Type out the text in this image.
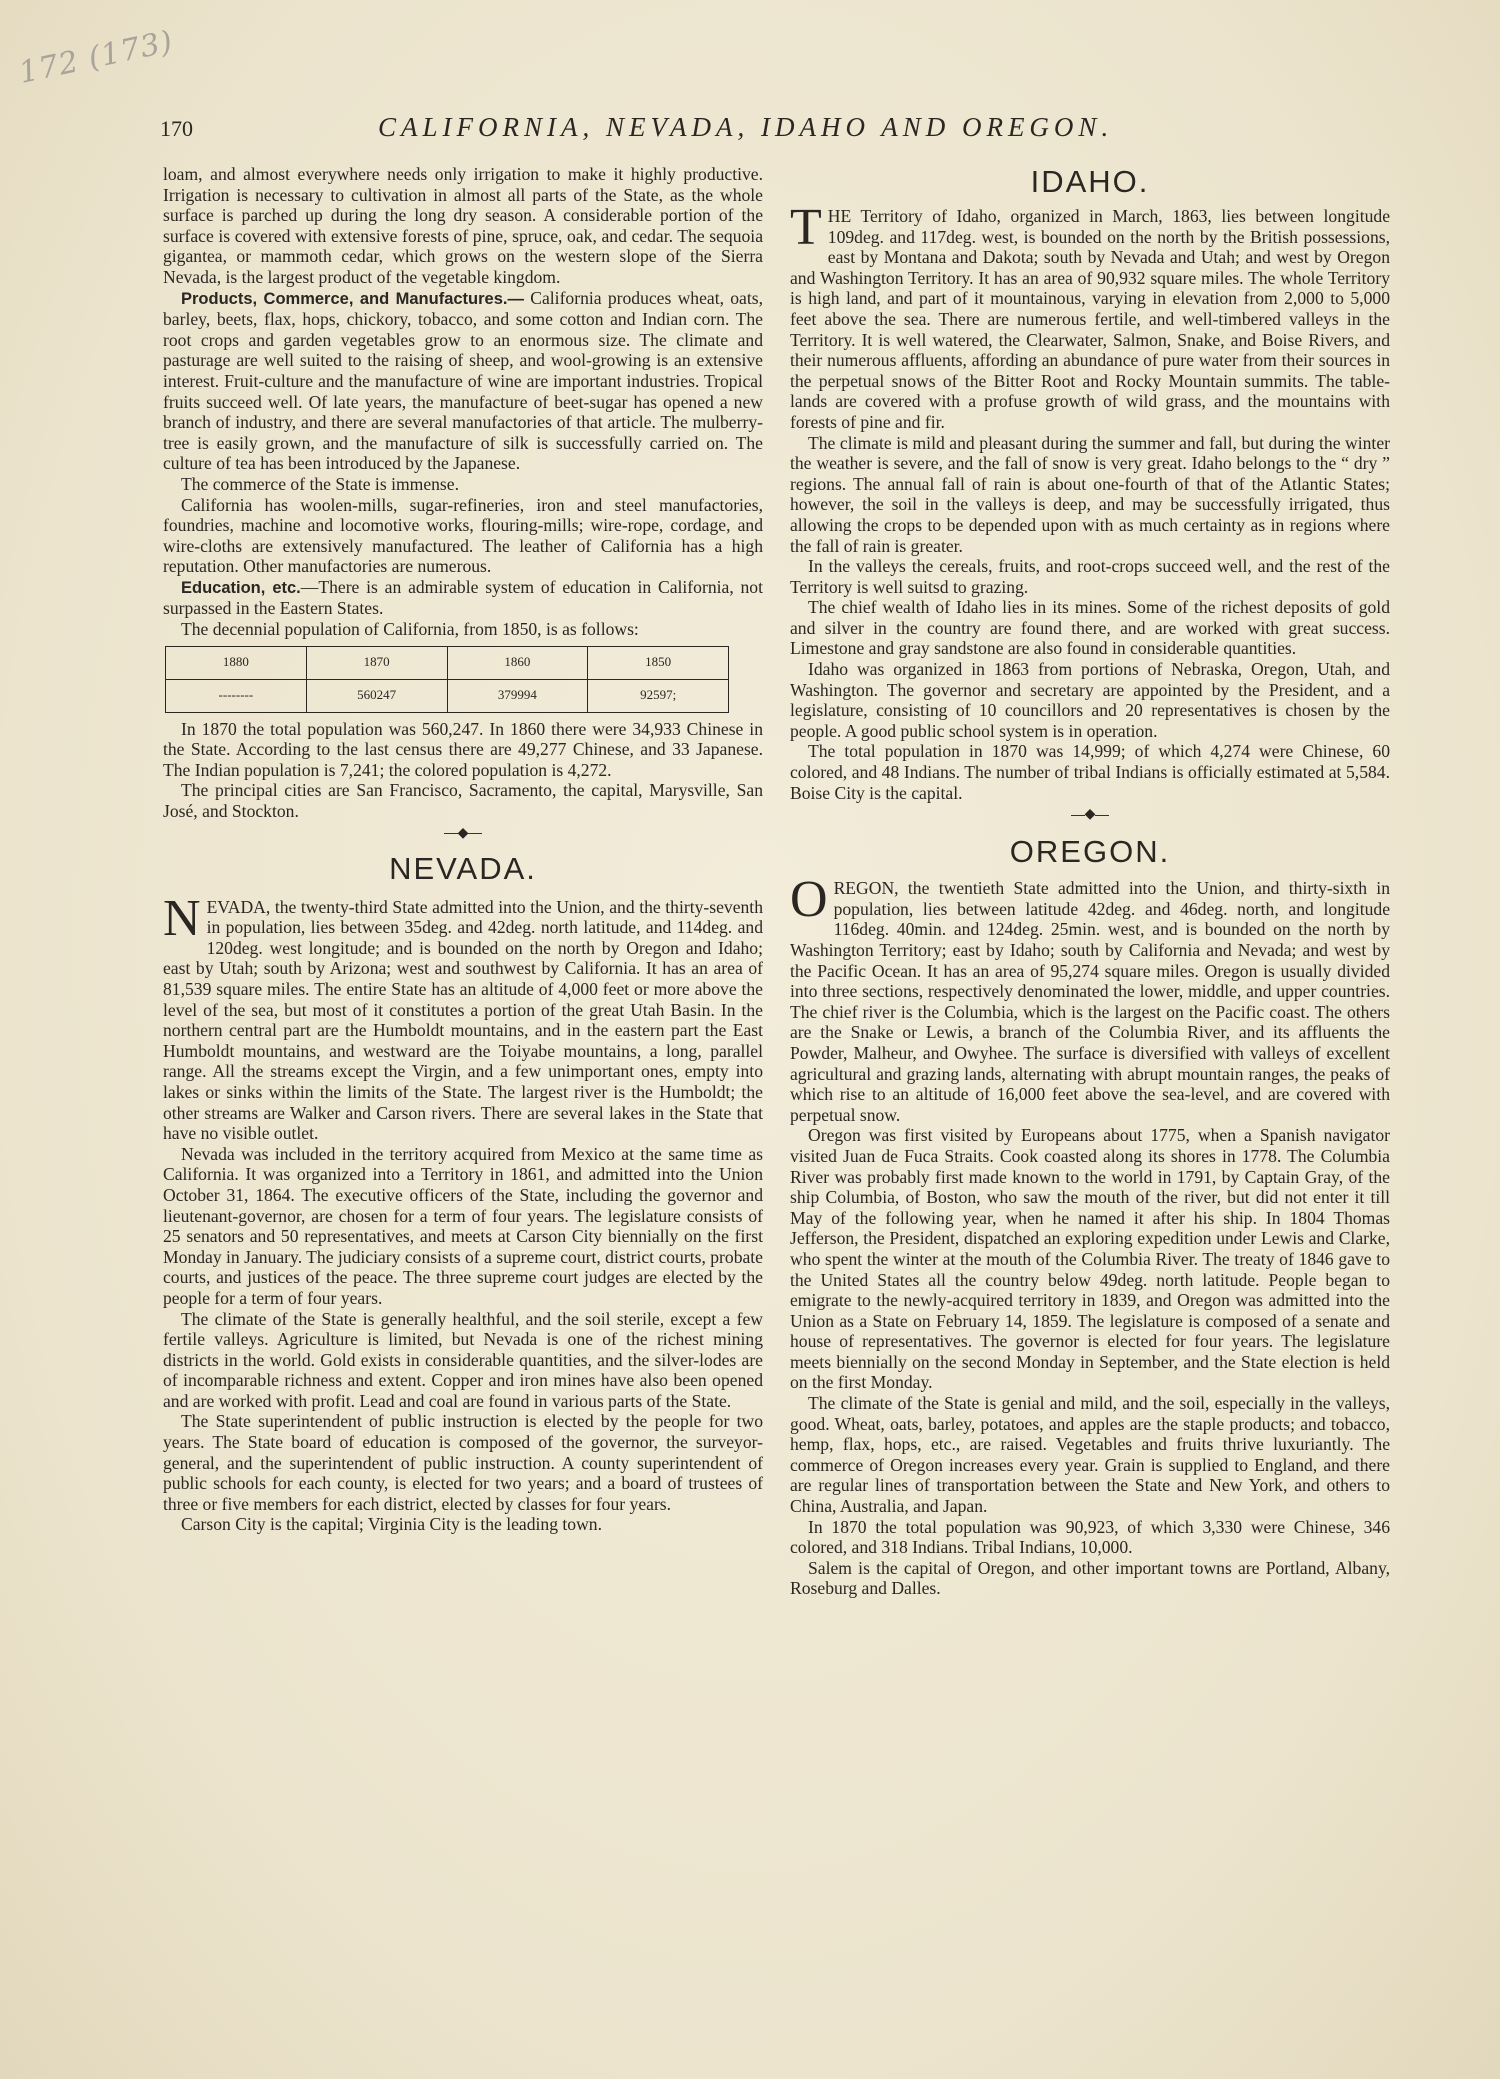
172 (173)
170	CALIFORNIA, NEVADA, IDAHO AND OREGON.

loam, and almost everywhere needs only irrigation to make it highly productive. Irrigation is necessary to cultivation in almost all parts of the State, as the whole surface is parched up during the long dry season. A considerable portion of the surface is covered with extensive forests of pine, spruce, oak, and cedar. The sequoia gigantea, or mammoth cedar, which grows on the western slope of the Sierra Nevada, is the largest product of the vegetable kingdom.

Products, Commerce, and Manufactures.— California produces wheat, oats, barley, beets, flax, hops, chickory, tobacco, and some cotton and Indian corn. The root crops and garden vegetables grow to an enormous size. The climate and pasturage are well suited to the raising of sheep, and wool-growing is an extensive interest. Fruit-culture and the manufacture of wine are important industries. Tropical fruits succeed well. Of late years, the manufacture of beet-sugar has opened a new branch of industry, and there are several manufactories of that article. The mulberry-tree is easily grown, and the manufacture of silk is successfully carried on. The culture of tea has been introduced by the Japanese.

The commerce of the State is immense.

California has woolen-mills, sugar-refineries, iron and steel manufactories, foundries, machine and locomotive works, flouring-mills; wire-rope, cordage, and wire-cloths are extensively manufactured. The leather of California has a high reputation. Other manufactories are numerous.

Education, etc.—There is an admirable system of education in California, not surpassed in the Eastern States.

The decennial population of California, from 1850, is as follows:

1880	1870	1860	1850
--------	560247	379994	92597;

In 1870 the total population was 560,247. In 1860 there were 34,933 Chinese in the State. According to the last census there are 49,277 Chinese, and 33 Japanese. The Indian population is 7,241; the colored population is 4,272.

The principal cities are San Francisco, Sacramento, the capital, Marysville, San José, and Stockton.

◆
NEVADA.

NEVADA, the twenty-third State admitted into the Union, and the thirty-seventh in population, lies between 35deg. and 42deg. north latitude, and 114deg. and 120deg. west longitude; and is bounded on the north by Oregon and Idaho; east by Utah; south by Arizona; west and southwest by California. It has an area of 81,539 square miles. The entire State has an altitude of 4,000 feet or more above the level of the sea, but most of it constitutes a portion of the great Utah Basin. In the northern central part are the Humboldt mountains, and in the eastern part the East Humboldt mountains, and westward are the Toiyabe mountains, a long, parallel range. All the streams except the Virgin, and a few unimportant ones, empty into lakes or sinks within the limits of the State. The largest river is the Humboldt; the other streams are Walker and Carson rivers. There are several lakes in the State that have no visible outlet.

Nevada was included in the territory acquired from Mexico at the same time as California. It was organized into a Territory in 1861, and admitted into the Union October 31, 1864. The executive officers of the State, including the governor and lieutenant-governor, are chosen for a term of four years. The legislature consists of 25 senators and 50 representatives, and meets at Carson City biennially on the first Monday in January. The judiciary consists of a supreme court, district courts, probate courts, and justices of the peace. The three supreme court judges are elected by the people for a term of four years.

The climate of the State is generally healthful, and the soil sterile, except a few fertile valleys. Agriculture is limited, but Nevada is one of the richest mining districts in the world. Gold exists in considerable quantities, and the silver-lodes are of incomparable richness and extent. Copper and iron mines have also been opened and are worked with profit. Lead and coal are found in various parts of the State.

The State superintendent of public instruction is elected by the people for two years. The State board of education is composed of the governor, the surveyor-general, and the superintendent of public instruction. A county superintendent of public schools for each county, is elected for two years; and a board of trustees of three or five members for each district, elected by classes for four years.

Carson City is the capital; Virginia City is the leading town.

IDAHO.

THE Territory of Idaho, organized in March, 1863, lies between longitude 109deg. and 117deg. west, is bounded on the north by the British possessions, east by Montana and Dakota; south by Nevada and Utah; and west by Oregon and Washington Territory. It has an area of 90,932 square miles. The whole Territory is high land, and part of it mountainous, varying in elevation from 2,000 to 5,000 feet above the sea. There are numerous fertile, and well-timbered valleys in the Territory. It is well watered, the Clearwater, Salmon, Snake, and Boise Rivers, and their numerous affluents, affording an abundance of pure water from their sources in the perpetual snows of the Bitter Root and Rocky Mountain summits. The table-lands are covered with a profuse growth of wild grass, and the mountains with forests of pine and fir.

The climate is mild and pleasant during the summer and fall, but during the winter the weather is severe, and the fall of snow is very great. Idaho belongs to the “ dry ” regions. The annual fall of rain is about one-fourth of that of the Atlantic States; however, the soil in the valleys is deep, and may be successfully irrigated, thus allowing the crops to be depended upon with as much certainty as in regions where the fall of rain is greater.

In the valleys the cereals, fruits, and root-crops succeed well, and the rest of the Territory is well suitsd to grazing.

The chief wealth of Idaho lies in its mines. Some of the richest deposits of gold and silver in the country are found there, and are worked with great success. Limestone and gray sandstone are also found in considerable quantities.

Idaho was organized in 1863 from portions of Nebraska, Oregon, Utah, and Washington. The governor and secretary are appointed by the President, and a legislature, consisting of 10 councillors and 20 representatives is chosen by the people. A good public school system is in operation.

The total population in 1870 was 14,999; of which 4,274 were Chinese, 60 colored, and 48 Indians. The number of tribal Indians is officially estimated at 5,584. Boise City is the capital.

◆
OREGON.

OREGON, the twentieth State admitted into the Union, and thirty-sixth in population, lies between latitude 42deg. and 46deg. north, and longitude 116deg. 40min. and 124deg. 25min. west, and is bounded on the north by Washington Territory; east by Idaho; south by California and Nevada; and west by the Pacific Ocean. It has an area of 95,274 square miles. Oregon is usually divided into three sections, respectively denominated the lower, middle, and upper countries. The chief river is the Columbia, which is the largest on the Pacific coast. The others are the Snake or Lewis, a branch of the Columbia River, and its affluents the Powder, Malheur, and Owyhee. The surface is diversified with valleys of excellent agricultural and grazing lands, alternating with abrupt mountain ranges, the peaks of which rise to an altitude of 16,000 feet above the sea-level, and are covered with perpetual snow.

Oregon was first visited by Europeans about 1775, when a Spanish navigator visited Juan de Fuca Straits. Cook coasted along its shores in 1778. The Columbia River was probably first made known to the world in 1791, by Captain Gray, of the ship Columbia, of Boston, who saw the mouth of the river, but did not enter it till May of the following year, when he named it after his ship. In 1804 Thomas Jefferson, the President, dispatched an exploring expedition under Lewis and Clarke, who spent the winter at the mouth of the Columbia River. The treaty of 1846 gave to the United States all the country below 49deg. north latitude. People began to emigrate to the newly-acquired territory in 1839, and Oregon was admitted into the Union as a State on February 14, 1859. The legislature is composed of a senate and house of representatives. The governor is elected for four years. The legislature meets biennially on the second Monday in September, and the State election is held on the first Monday.

The climate of the State is genial and mild, and the soil, especially in the valleys, good. Wheat, oats, barley, potatoes, and apples are the staple products; and tobacco, hemp, flax, hops, etc., are raised. Vegetables and fruits thrive luxuriantly. The commerce of Oregon increases every year. Grain is supplied to England, and there are regular lines of transportation between the State and New York, and others to China, Australia, and Japan.

In 1870 the total population was 90,923, of which 3,330 were Chinese, 346 colored, and 318 Indians. Tribal Indians, 10,000.

Salem is the capital of Oregon, and other important towns are Portland, Albany, Roseburg and Dalles.
